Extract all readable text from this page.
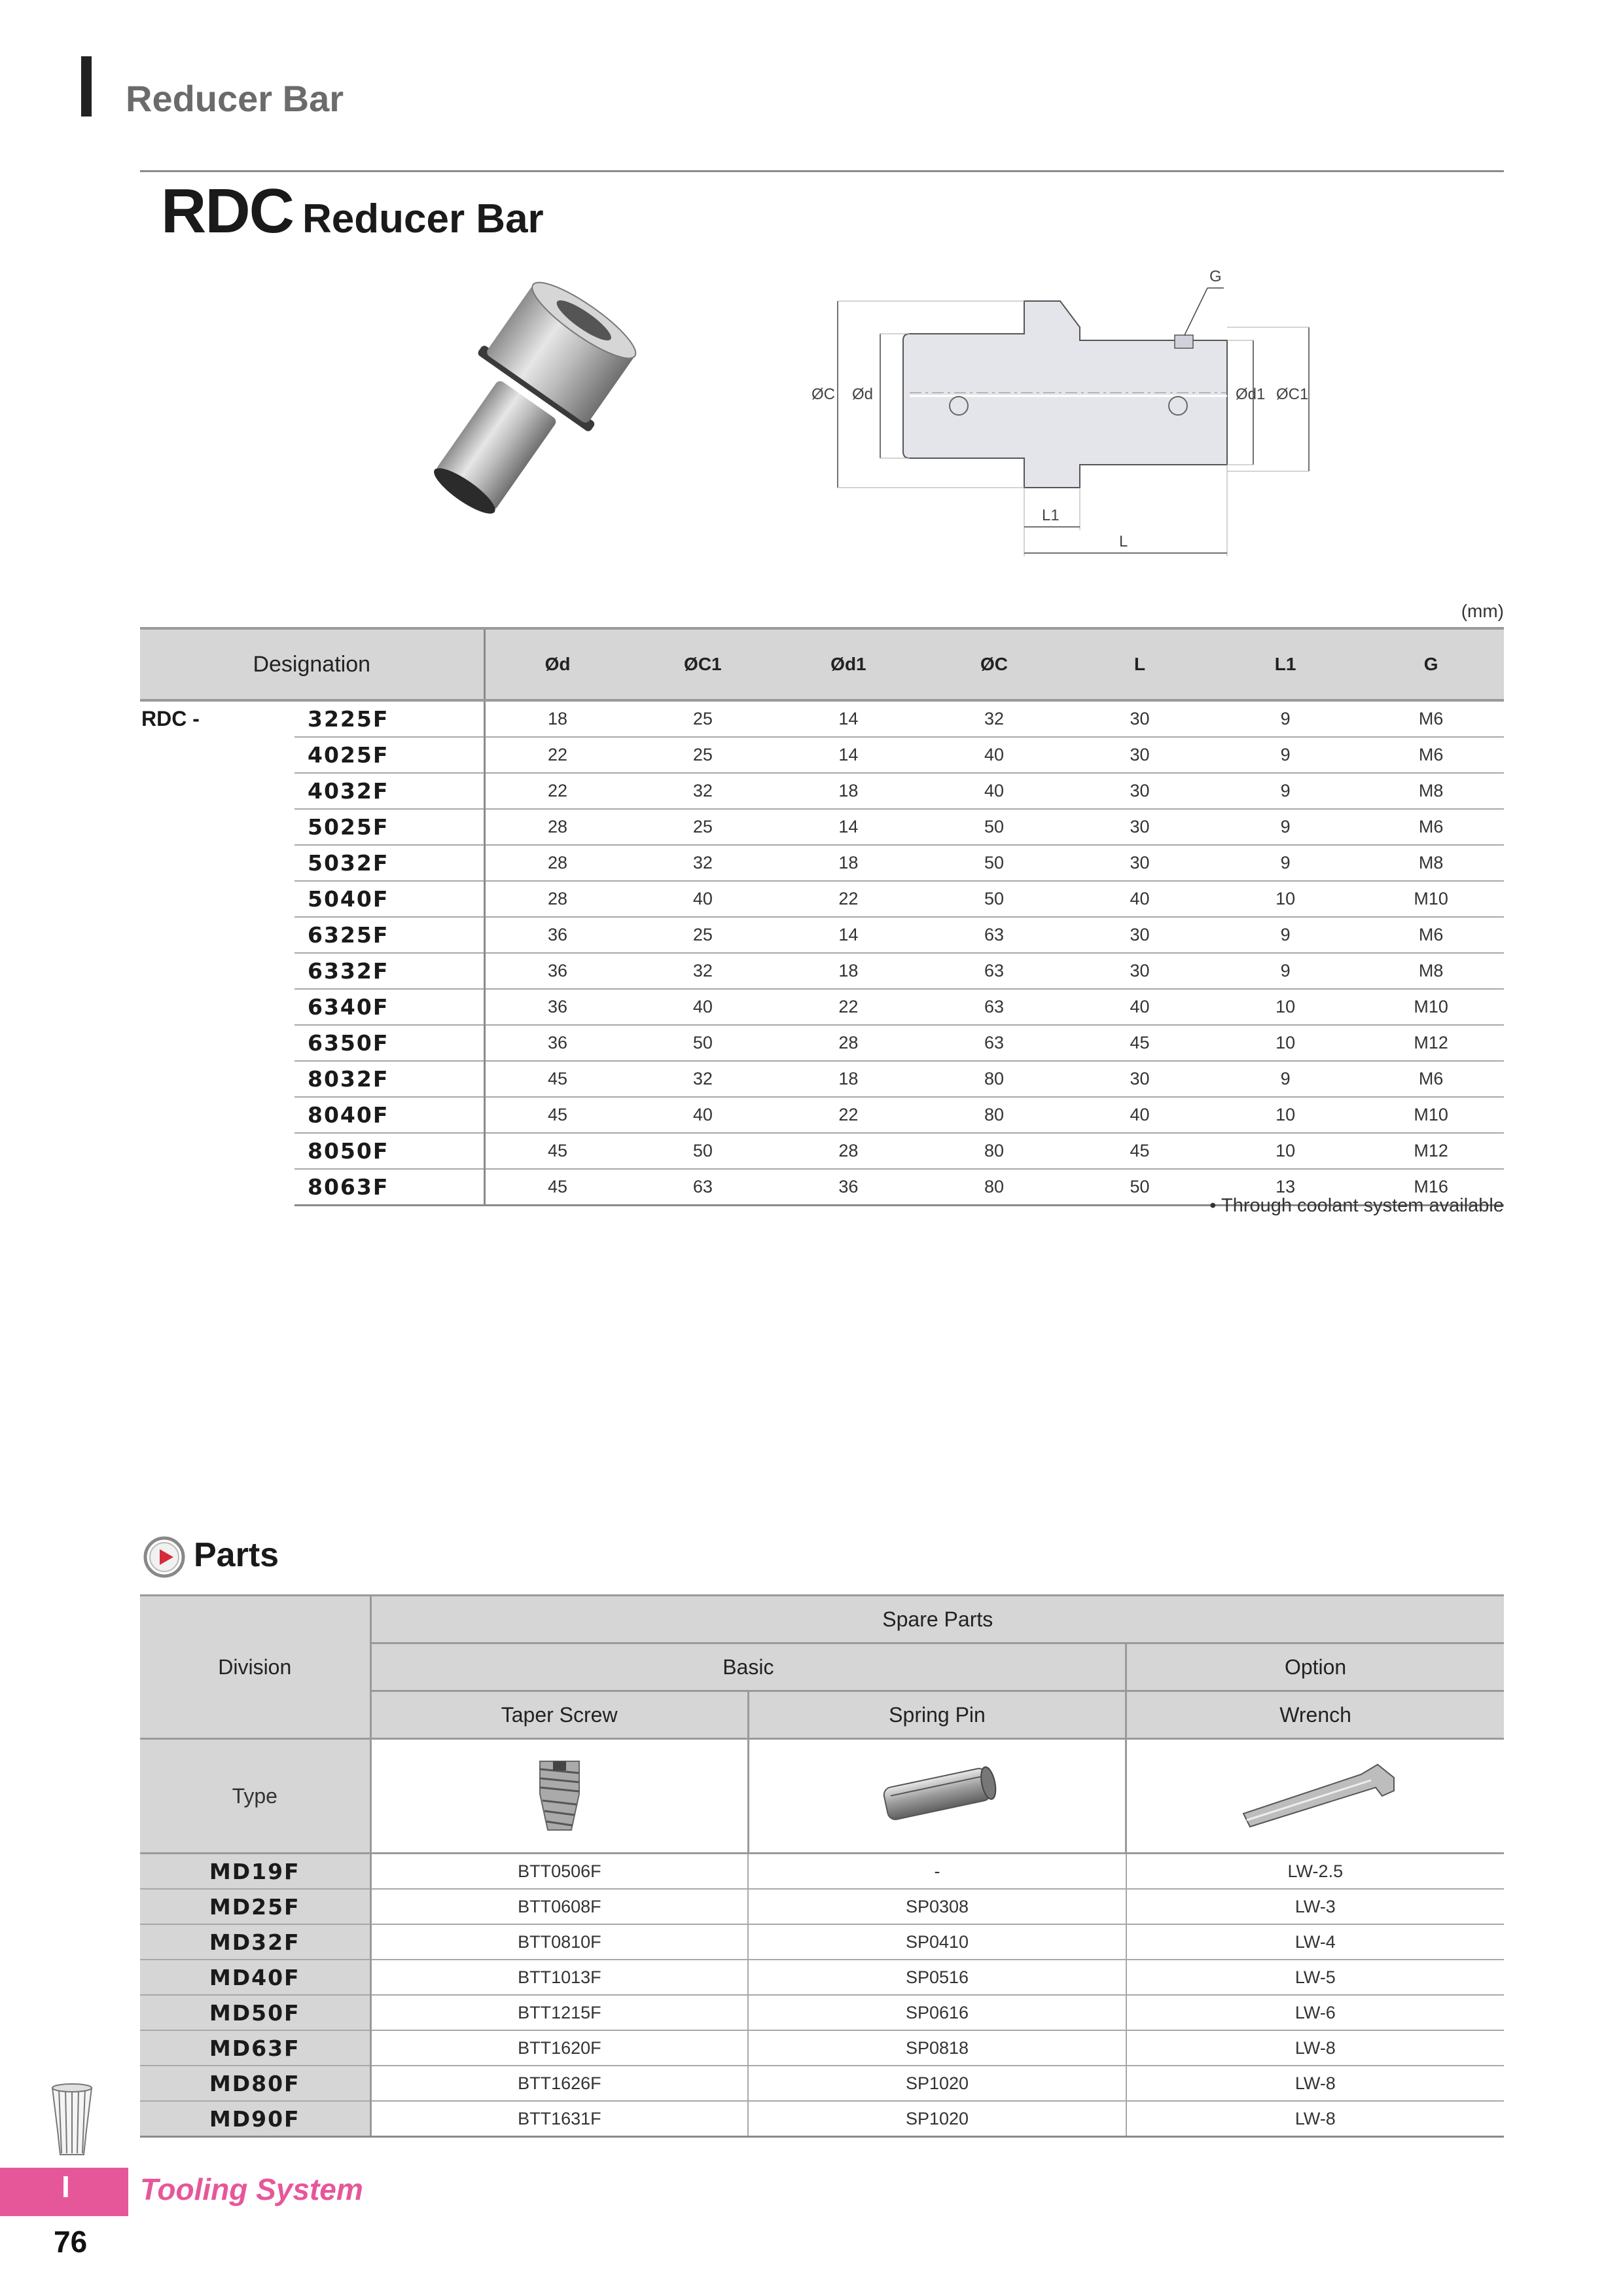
Reducer Bar
RDC Reducer Bar
G
ØC Ød	Ød1 ØC1
L1
L
(mm)
Designation		Ød	ØC1	Ød1	ØC	L	L1	G
RDC -	3225F	18	25	14	32	30	9	M6
	4025F	22	25	14	40	30	9	M6
	4032F	22	32	18	40	30	9	M8
	5025F	28	25	14	50	30	9	M6
	5032F	28	32	18	50	30	9	M8
	5040F	28	40	22	50	40	10	M10
	6325F	36	25	14	63	30	9	M6
	6332F	36	32	18	63	30	9	M8
	6340F	36	40	22	63	40	10	M10
	6350F	36	50	28	63	45	10	M12
	8032F	45	32	18	80	30	9	M6
	8040F	45	40	22	80	40	10	M10
	8050F	45	50	28	80	45	10	M12
	8063F	45	63	36	80	50	13	M16
• Through coolant system available
Parts
Division	Spare Parts		
	Basic		Option
	Taper Screw	Spring Pin	Wrench
Type			
MD19F	BTT0506F	-	LW-2.5
MD25F	BTT0608F	SP0308	LW-3
MD32F	BTT0810F	SP0410	LW-4
MD40F	BTT1013F	SP0516	LW-5
MD50F	BTT1215F	SP0616	LW-6
MD63F	BTT1620F	SP0818	LW-8
MD80F	BTT1626F	SP1020	LW-8
MD90F	BTT1631F	SP1020	LW-8
I Tooling System
76
